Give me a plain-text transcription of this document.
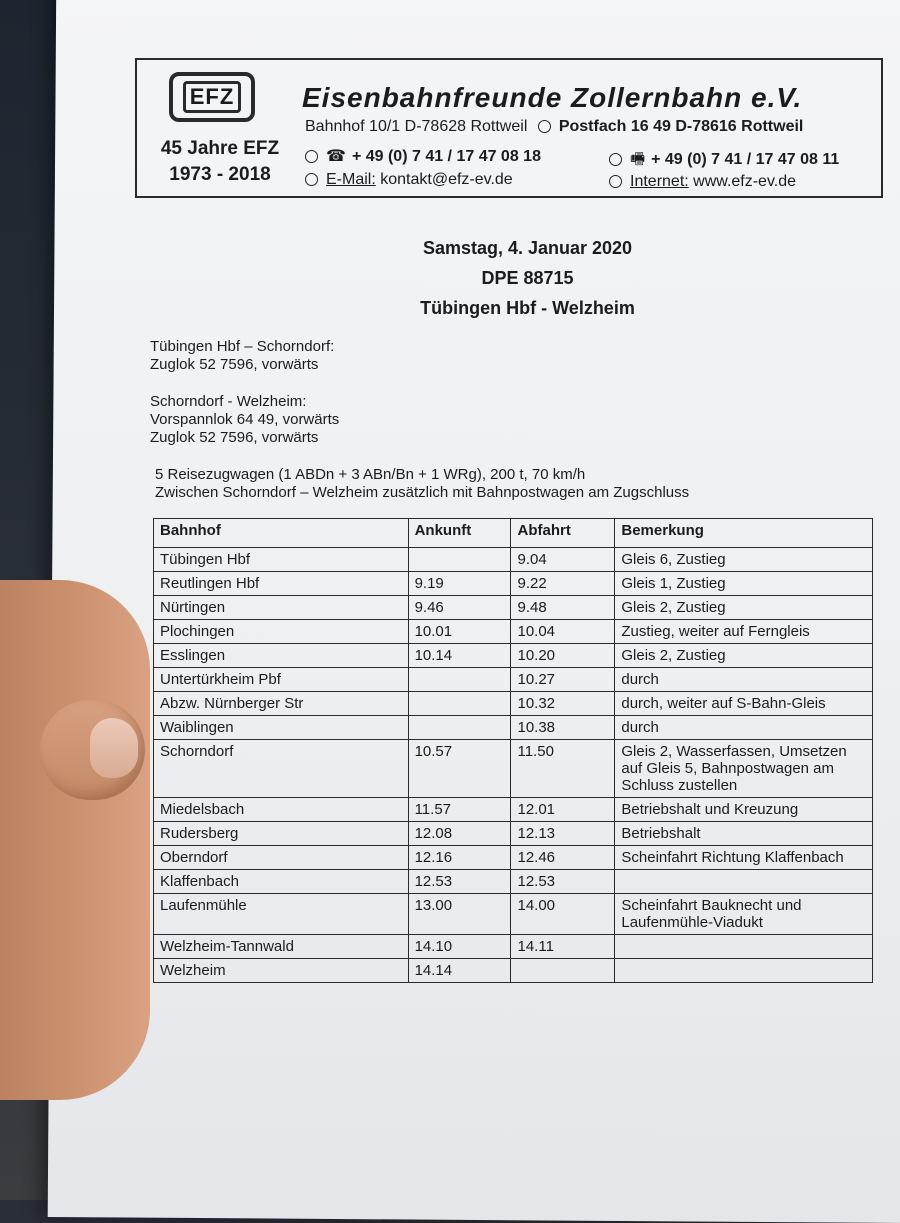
EFZ
45 Jahre EFZ
1973 - 2018
Eisenbahnfreunde Zollernbahn e.V.
Bahnhof 10/1 D-78628 Rottweil Postfach 16 49 D-78616 Rottweil
☎ + 49 (0) 7 41 / 17 47 08 18	🖷 + 49 (0) 7 41 / 17 47 08 11
E-Mail: kontakt@efz-ev.de	Internet: www.efz-ev.de
Samstag, 4. Januar 2020
DPE 88715
Tübingen Hbf - Welzheim
Tübingen Hbf – Schorndorf:
Zuglok 52 7596, vorwärts
Schorndorf - Welzheim:
Vorspannlok 64 49, vorwärts
Zuglok 52 7596, vorwärts
5 Reisezugwagen (1 ABDn + 3 ABn/Bn + 1 WRg), 200 t, 70 km/h
Zwischen Schorndorf – Welzheim zusätzlich mit Bahnpostwagen am Zugschluss
Bahnhof	Ankunft	Abfahrt	Bemerkung
Tübingen Hbf		9.04	Gleis 6, Zustieg
Reutlingen Hbf	9.19	9.22	Gleis 1, Zustieg
Nürtingen	9.46	9.48	Gleis 2, Zustieg
Plochingen	10.01	10.04	Zustieg, weiter auf Ferngleis
Esslingen	10.14	10.20	Gleis 2, Zustieg
Untertürkheim Pbf		10.27	durch
Abzw. Nürnberger Str		10.32	durch, weiter auf S-Bahn-Gleis
Waiblingen		10.38	durch
Schorndorf	10.57	11.50	Gleis 2, Wasserfassen, Umsetzen auf Gleis 5, Bahnpostwagen am Schluss zustellen
Miedelsbach	11.57	12.01	Betriebshalt und Kreuzung
Rudersberg	12.08	12.13	Betriebshalt
Oberndorf	12.16	12.46	Scheinfahrt Richtung Klaffenbach
Klaffenbach	12.53	12.53	
Laufenmühle	13.00	14.00	Scheinfahrt Bauknecht und Laufenmühle-Viadukt
Welzheim-Tannwald	14.10	14.11	
Welzheim	14.14		
